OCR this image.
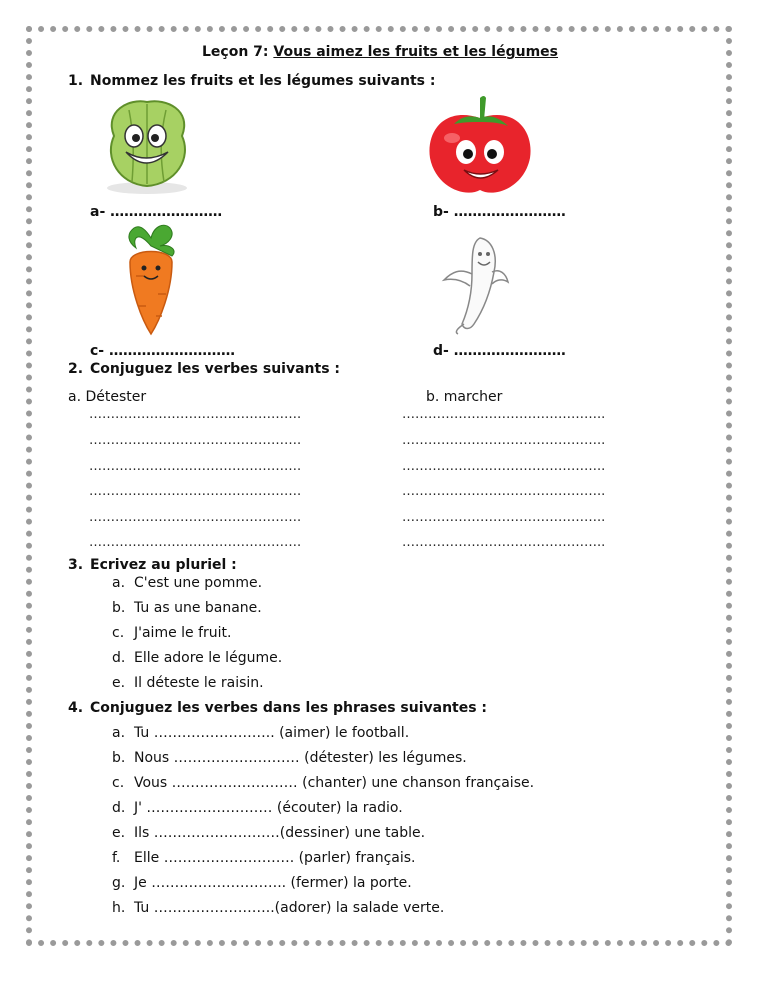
Leçon 7: Vous aimez les fruits et les légumes
1. Nommez les fruits et les légumes suivants :
a- ……………………	b- ……………………
c- ………………………	d- ……………………
2. Conjuguez les verbes suivants :
a. Détester	b. marcher
………………………………………….
………………………………………….
………………………………………….
………………………………………….
………………………………………….
………………………………………….
………………………………………..
………………………………………..
………………………………………..
………………………………………..
………………………………………..
………………………………………..
3. Ecrivez au pluriel :
a. C'est une pomme.
b. Tu as une banane.
c. J'aime le fruit.
d. Elle adore le légume.
e. Il déteste le raisin.
4. Conjuguez les verbes dans les phrases suivantes :
a. Tu …………………….. (aimer) le football.
b. Nous ……………………… (détester) les légumes.
c. Vous ……………………… (chanter) une chanson française.
d. J' ……………………… (écouter) la radio.
e. Ils ………………………(dessiner) une table.
f. Elle ………………………. (parler) français.
g. Je ……………………….. (fermer) la porte.
h. Tu ……………………..(adorer) la salade verte.
